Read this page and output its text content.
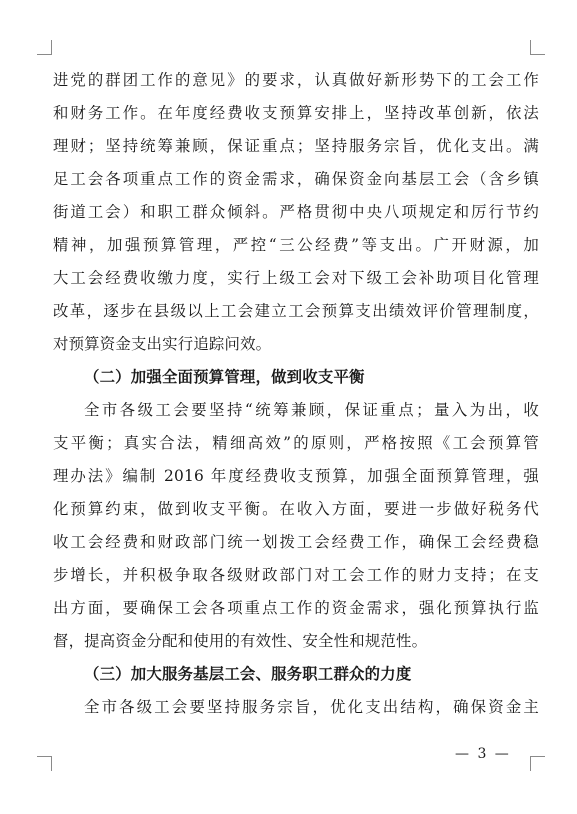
进党的群团工作的意见》的要求，认真做好新形势下的工会工作
和财务工作。在年度经费收支预算安排上，坚持改革创新，依法
理财；坚持统筹兼顾，保证重点；坚持服务宗旨，优化支出。满
足工会各项重点工作的资金需求，确保资金向基层工会（含乡镇
街道工会）和职工群众倾斜。严格贯彻中央八项规定和厉行节约
精神，加强预算管理，严控“三公经费”等支出。广开财源，加
大工会经费收缴力度，实行上级工会对下级工会补助项目化管理
改革，逐步在县级以上工会建立工会预算支出绩效评价管理制度，
对预算资金支出实行追踪问效。
（二）加强全面预算管理，做到收支平衡
全市各级工会要坚持“统筹兼顾，保证重点；量入为出，收
支平衡；真实合法，精细高效”的原则，严格按照《工会预算管
理办法》编制 2016 年度经费收支预算，加强全面预算管理，强
化预算约束，做到收支平衡。在收入方面，要进一步做好税务代
收工会经费和财政部门统一划拨工会经费工作，确保工会经费稳
步增长，并积极争取各级财政部门对工会工作的财力支持；在支
出方面，要确保工会各项重点工作的资金需求，强化预算执行监
督，提高资金分配和使用的有效性、安全性和规范性。
（三）加大服务基层工会、服务职工群众的力度
全市各级工会要坚持服务宗旨，优化支出结构，确保资金主
— 3 —
